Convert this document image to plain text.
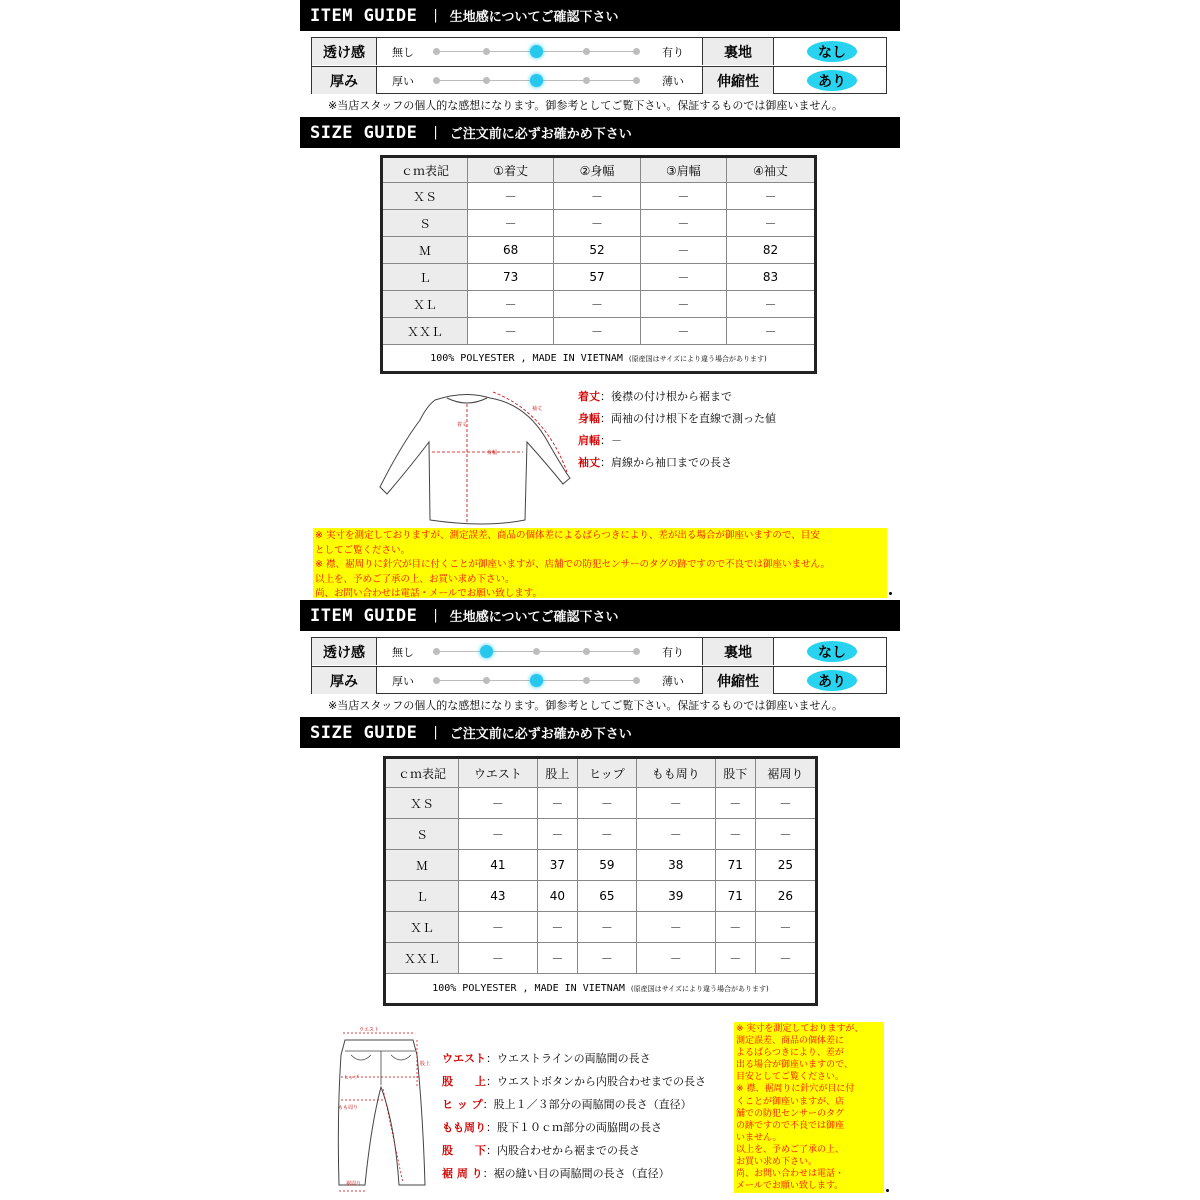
ITEM GUIDE | 生地感についてご確認下さい
透け感	無し	有り	裏地	なし
厚み	厚い	薄い	伸縮性	あり
※当店スタッフの個人的な感想になります。御参考としてご覧下さい。保証するものでは御座いません。
SIZE GUIDE | ご注文前に必ずお確かめ下さい
ｃｍ表記	①着丈	②身幅	③肩幅	④袖丈
ＸＳ	－	－	－	－
Ｓ	－	－	－	－
Ｍ	68	52	－	82
Ｌ	73	57	－	83
ＸＬ	－	－	－	－
ＸＸＬ	－	－	－	－
100% POLYESTER , MADE IN VIETNAM (原産国はサイズにより違う場合があります)				
着丈
身幅
袖丈
着丈：後襟の付け根から裾まで
身幅：両袖の付け根下を直線で測った値
肩幅：－
袖丈：肩線から袖口までの長さ
※ 実寸を測定しておりますが、測定誤差、商品の個体差によるばらつきにより、差が出る場合が御座いますので、目安
としてご覧ください。
※ 襟、裾周りに針穴が目に付くことが御座いますが、店舗での防犯センサーのタグの跡ですので不良では御座いません。
以上を、予めご了承の上、お買い求め下さい。
尚、お問い合わせは電話・メールでお願い致します。
ITEM GUIDE | 生地感についてご確認下さい
透け感	無し	有り	裏地	なし
厚み	厚い	薄い	伸縮性	あり
※当店スタッフの個人的な感想になります。御参考としてご覧下さい。保証するものでは御座いません。
SIZE GUIDE | ご注文前に必ずお確かめ下さい
ｃｍ表記	ウエスト	股上	ヒップ	もも周り	股下	裾周り
ＸＳ	－	－	－	－	－	－
Ｓ	－	－	－	－	－	－
Ｍ	41	37	59	38	71	25
Ｌ	43	40	65	39	71	26
ＸＬ	－	－	－	－	－	－
ＸＸＬ	－	－	－	－	－	－
100% POLYESTER , MADE IN VIETNAM (原産国はサイズにより違う場合があります)						
ウエスト
ヒップ
もも周り
股上
裾周り
ウエスト：ウエストラインの両脇間の長さ
股　　上：ウエストボタンから内股合わせまでの長さ
ヒ ッ プ：股上１／３部分の両脇間の長さ（直径）
もも周り：股下１０ｃｍ部分の両脇間の長さ
股　　下：内股合わせから裾までの長さ
裾 周 り：裾の縫い目の両脇間の長さ（直径）
※ 実寸を測定しておりますが、
測定誤差、商品の個体差に
よるばらつきにより、差が
出る場合が御座いますので、
目安としてご覧ください。
※ 襟、裾周りに針穴が目に付
くことが御座いますが、店
舗での防犯センサーのタグ
の跡ですので不良では御座
いません。
以上を、予めご了承の上、
お買い求め下さい。
尚、お問い合わせは電話・
メールでお願い致します。
